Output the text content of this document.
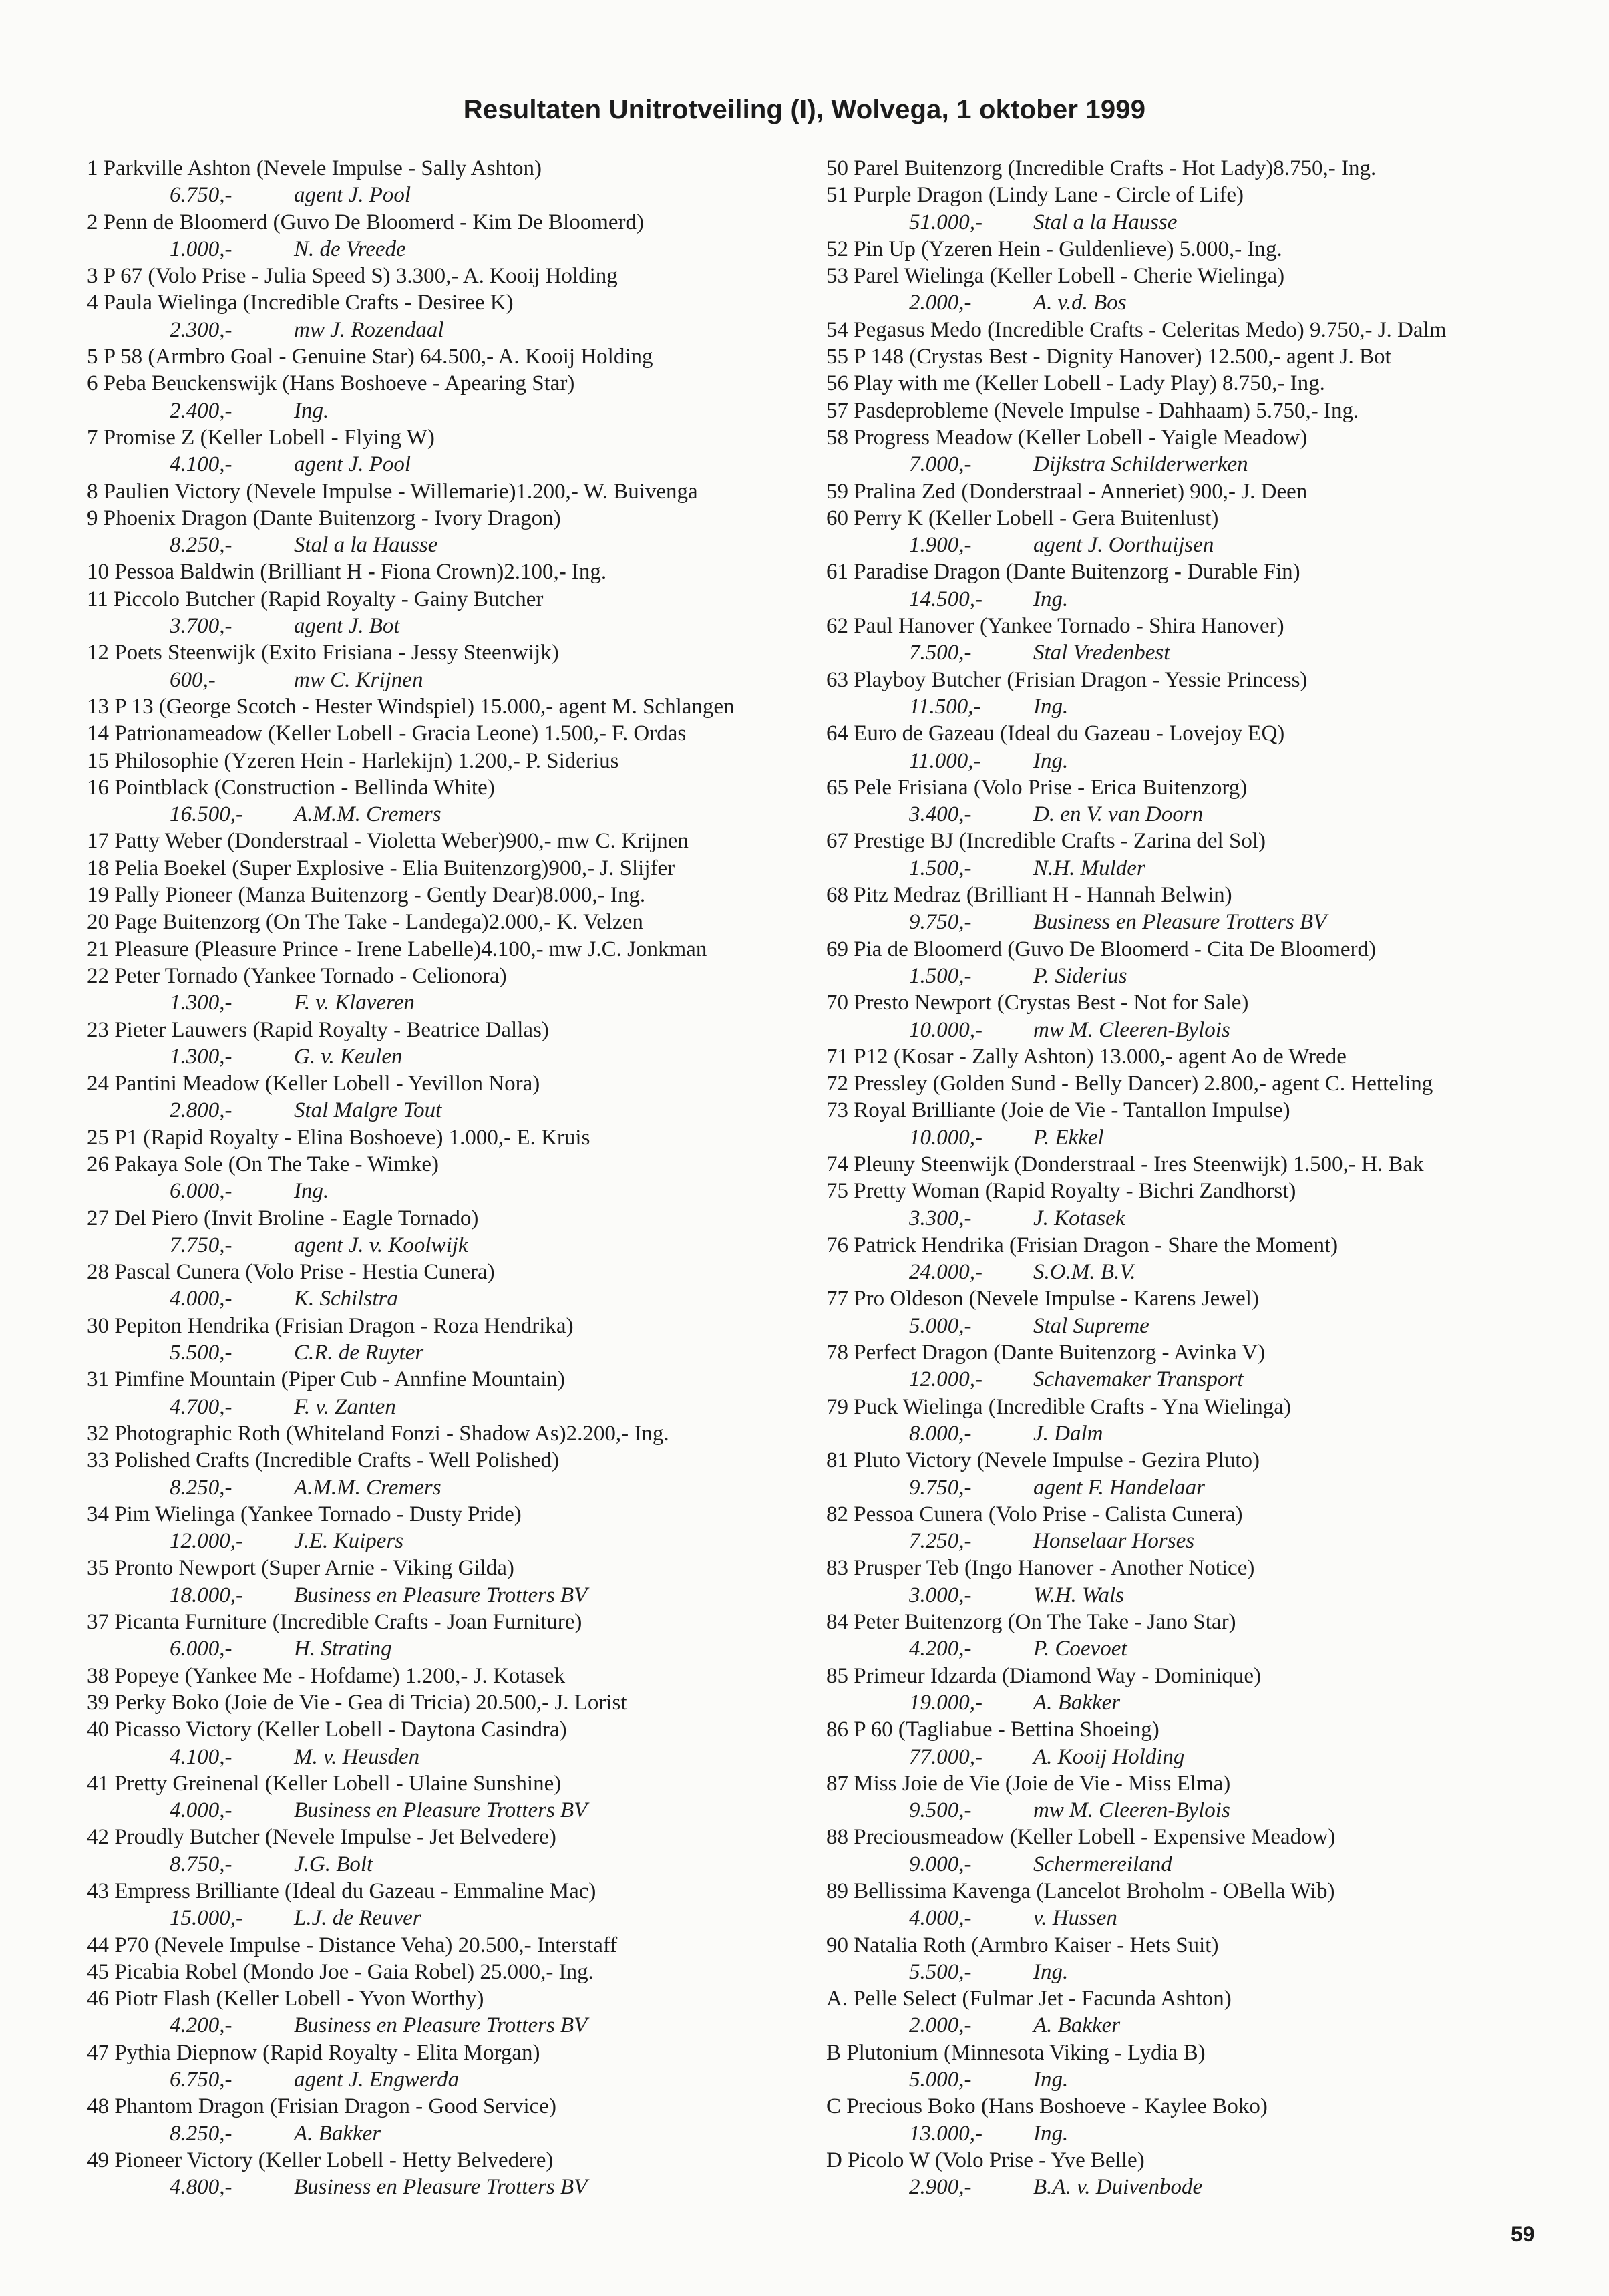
Resultaten Unitrotveiling (I), Wolvega, 1 oktober 1999
1 Parkville Ashton (Nevele Impulse - Sally Ashton)
6.750,-	agent J. Pool
2 Penn de Bloomerd (Guvo De Bloomerd - Kim De Bloomerd)
1.000,-	N. de Vreede
3 P 67 (Volo Prise - Julia Speed S) 3.300,- A. Kooij Holding
4 Paula Wielinga (Incredible Crafts - Desiree K)
2.300,-	mw J. Rozendaal
5 P 58 (Armbro Goal - Genuine Star) 64.500,- A. Kooij Holding
6 Peba Beuckenswijk (Hans Boshoeve - Apearing Star)
2.400,-	Ing.
7 Promise Z (Keller Lobell - Flying W)
4.100,-	agent J. Pool
8 Paulien Victory (Nevele Impulse - Willemarie)1.200,- W. Buivenga
9 Phoenix Dragon (Dante Buitenzorg - Ivory Dragon)
8.250,-	Stal a la Hausse
10 Pessoa Baldwin (Brilliant H - Fiona Crown)2.100,- Ing.
11 Piccolo Butcher (Rapid Royalty - Gainy Butcher
3.700,-	agent J. Bot
12 Poets Steenwijk (Exito Frisiana - Jessy Steenwijk)
600,-	mw C. Krijnen
13 P 13 (George Scotch - Hester Windspiel) 15.000,- agent M. Schlangen
14 Patrionameadow (Keller Lobell - Gracia Leone) 1.500,- F. Ordas
15 Philosophie (Yzeren Hein - Harlekijn) 1.200,- P. Siderius
16 Pointblack (Construction - Bellinda White)
16.500,- A.M.M. Cremers
17 Patty Weber (Donderstraal - Violetta Weber)900,- mw C. Krijnen
18 Pelia Boekel (Super Explosive - Elia Buitenzorg)900,- J. Slijfer
19 Pally Pioneer (Manza Buitenzorg - Gently Dear)8.000,- Ing.
20 Page Buitenzorg (On The Take - Landega)2.000,- K. Velzen
21 Pleasure (Pleasure Prince - Irene Labelle)4.100,- mw J.C. Jonkman
22 Peter Tornado (Yankee Tornado - Celionora)
1.300,-	F. v. Klaveren
23 Pieter Lauwers (Rapid Royalty - Beatrice Dallas)
1.300,-	G. v. Keulen
24 Pantini Meadow (Keller Lobell - Yevillon Nora)
2.800,-	Stal Malgre Tout
25 P1 (Rapid Royalty - Elina Boshoeve) 1.000,- E. Kruis
26 Pakaya Sole (On The Take - Wimke)
6.000,-	Ing.
27 Del Piero (Invit Broline - Eagle Tornado)
7.750,-	agent J. v. Koolwijk
28 Pascal Cunera (Volo Prise - Hestia Cunera)
4.000,-	K. Schilstra
30 Pepiton Hendrika (Frisian Dragon - Roza Hendrika)
5.500,-	C.R. de Ruyter
31 Pimfine Mountain (Piper Cub - Annfine Mountain)
4.700,-	F. v. Zanten
32 Photographic Roth (Whiteland Fonzi - Shadow As)2.200,- Ing.
33 Polished Crafts (Incredible Crafts - Well Polished)
8.250,-	A.M.M. Cremers
34 Pim Wielinga (Yankee Tornado - Dusty Pride)
12.000,- J.E. Kuipers
35 Pronto Newport (Super Arnie - Viking Gilda)
18.000,- Business en Pleasure Trotters BV
37 Picanta Furniture (Incredible Crafts - Joan Furniture)
6.000,-	H. Strating
38 Popeye (Yankee Me - Hofdame) 1.200,- J. Kotasek
39 Perky Boko (Joie de Vie - Gea di Tricia) 20.500,- J. Lorist
40 Picasso Victory (Keller Lobell - Daytona Casindra)
4.100,-	M. v. Heusden
41 Pretty Greinenal (Keller Lobell - Ulaine Sunshine)
4.000,-	Business en Pleasure Trotters BV
42 Proudly Butcher (Nevele Impulse - Jet Belvedere)
8.750,-	J.G. Bolt
43 Empress Brilliante (Ideal du Gazeau - Emmaline Mac)
15.000,- L.J. de Reuver
44 P70 (Nevele Impulse - Distance Veha) 20.500,- Interstaff
45 Picabia Robel (Mondo Joe - Gaia Robel) 25.000,- Ing.
46 Piotr Flash (Keller Lobell - Yvon Worthy)
4.200,-	Business en Pleasure Trotters BV
47 Pythia Diepnow (Rapid Royalty - Elita Morgan)
6.750,-	agent J. Engwerda
48 Phantom Dragon (Frisian Dragon - Good Service)
8.250,-	A. Bakker
49 Pioneer Victory (Keller Lobell - Hetty Belvedere)
4.800,-	Business en Pleasure Trotters BV
50 Parel Buitenzorg (Incredible Crafts - Hot Lady)8.750,- Ing.
51 Purple Dragon (Lindy Lane - Circle of Life)
51.000,- Stal a la Hausse
52 Pin Up (Yzeren Hein - Guldenlieve) 5.000,- Ing.
53 Parel Wielinga (Keller Lobell - Cherie Wielinga)
2.000,-	A. v.d. Bos
54 Pegasus Medo (Incredible Crafts - Celeritas Medo) 9.750,- J. Dalm
55 P 148 (Crystas Best - Dignity Hanover) 12.500,- agent J. Bot
56 Play with me (Keller Lobell - Lady Play) 8.750,- Ing.
57 Pasdeprobleme (Nevele Impulse - Dahhaam) 5.750,- Ing.
58 Progress Meadow (Keller Lobell - Yaigle Meadow)
7.000,-	Dijkstra Schilderwerken
59 Pralina Zed (Donderstraal - Anneriet) 900,- J. Deen
60 Perry K (Keller Lobell - Gera Buitenlust)
1.900,-	agent J. Oorthuijsen
61 Paradise Dragon (Dante Buitenzorg - Durable Fin)
14.500,- Ing.
62 Paul Hanover (Yankee Tornado - Shira Hanover)
7.500,-	Stal Vredenbest
63 Playboy Butcher (Frisian Dragon - Yessie Princess)
11.500,- Ing.
64 Euro de Gazeau (Ideal du Gazeau - Lovejoy EQ)
11.000,- Ing.
65 Pele Frisiana (Volo Prise - Erica Buitenzorg)
3.400,-	D. en V. van Doorn
67 Prestige BJ (Incredible Crafts - Zarina del Sol)
1.500,-	N.H. Mulder
68 Pitz Medraz (Brilliant H - Hannah Belwin)
9.750,-	Business en Pleasure Trotters BV
69 Pia de Bloomerd (Guvo De Bloomerd - Cita De Bloomerd)
1.500,-	P. Siderius
70 Presto Newport (Crystas Best - Not for Sale)
10.000,- mw M. Cleeren-Bylois
71 P12 (Kosar - Zally Ashton) 13.000,- agent Ao de Wrede
72 Pressley (Golden Sund - Belly Dancer) 2.800,- agent C. Hetteling
73 Royal Brilliante (Joie de Vie - Tantallon Impulse)
10.000,- P. Ekkel
74 Pleuny Steenwijk (Donderstraal - Ires Steenwijk) 1.500,- H. Bak
75 Pretty Woman (Rapid Royalty - Bichri Zandhorst)
3.300,-	J. Kotasek
76 Patrick Hendrika (Frisian Dragon - Share the Moment)
24.000,- S.O.M. B.V.
77 Pro Oldeson (Nevele Impulse - Karens Jewel)
5.000,-	Stal Supreme
78 Perfect Dragon (Dante Buitenzorg - Avinka V)
12.000,- Schavemaker Transport
79 Puck Wielinga (Incredible Crafts - Yna Wielinga)
8.000,-	J. Dalm
81 Pluto Victory (Nevele Impulse - Gezira Pluto)
9.750,-	agent F. Handelaar
82 Pessoa Cunera (Volo Prise - Calista Cunera)
7.250,-	Honselaar Horses
83 Prusper Teb (Ingo Hanover - Another Notice)
3.000,-	W.H. Wals
84 Peter Buitenzorg (On The Take - Jano Star)
4.200,-	P. Coevoet
85 Primeur Idzarda (Diamond Way - Dominique)
19.000,- A. Bakker
86 P 60 (Tagliabue - Bettina Shoeing)
77.000,- A. Kooij Holding
87 Miss Joie de Vie (Joie de Vie - Miss Elma)
9.500,-	mw M. Cleeren-Bylois
88 Preciousmeadow (Keller Lobell - Expensive Meadow)
9.000,-	Schermereiland
89 Bellissima Kavenga (Lancelot Broholm - OBella Wib)
4.000,-	v. Hussen
90 Natalia Roth (Armbro Kaiser - Hets Suit)
5.500,-	Ing.
A. Pelle Select (Fulmar Jet - Facunda Ashton)
2.000,-	A. Bakker
B Plutonium (Minnesota Viking - Lydia B)
5.000,-	Ing.
C Precious Boko (Hans Boshoeve - Kaylee Boko)
13.000,- Ing.
D Picolo W (Volo Prise - Yve Belle)
2.900,-	B.A. v. Duivenbode
59
